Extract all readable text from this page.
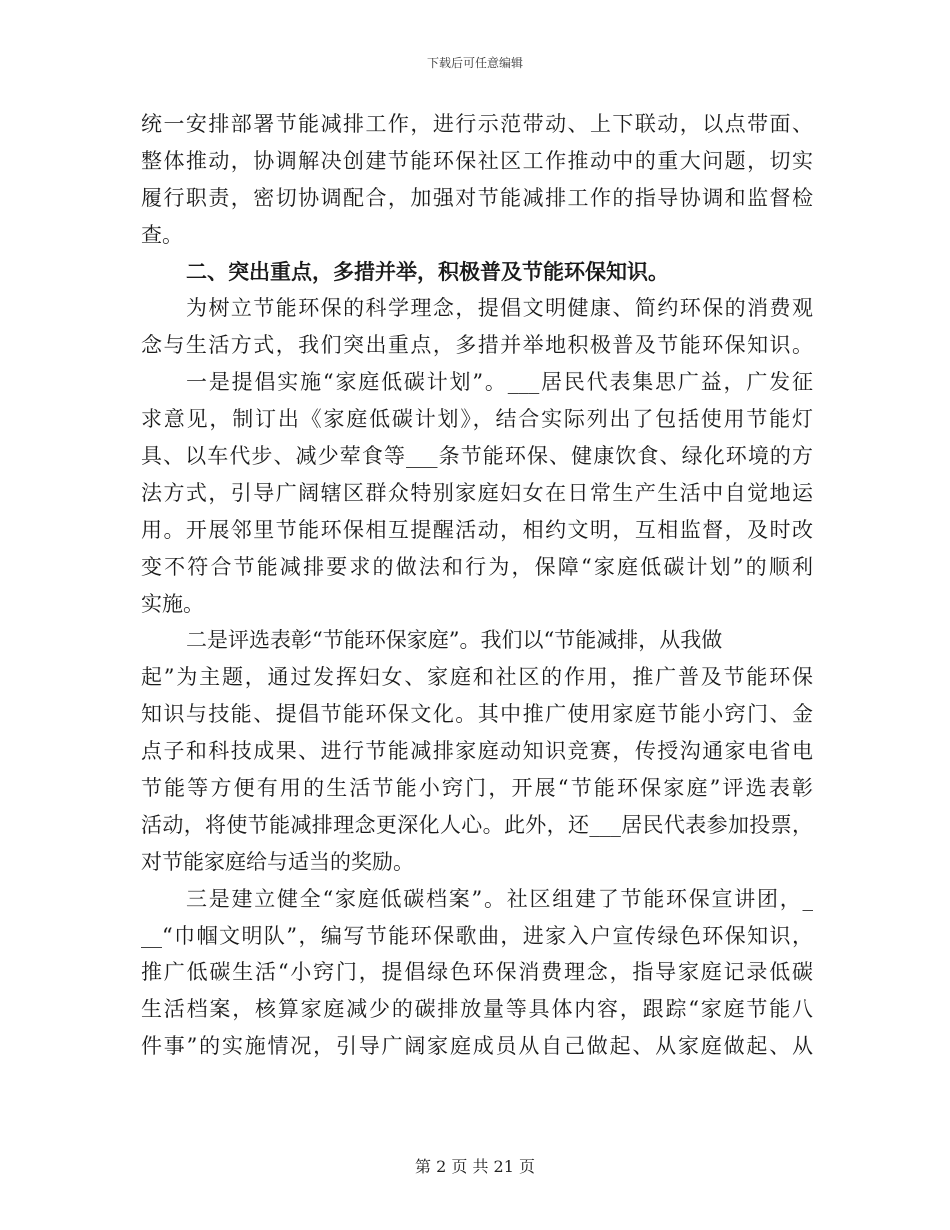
下载后可任意编辑
统一安排部署节能减排工作，进行示范带动、上下联动，以点带面、
整体推动，协调解决创建节能环保社区工作推动中的重大问题，切实
履行职责，密切协调配合，加强对节能减排工作的指导协调和监督检
查。
二、突出重点，多措并举，积极普及节能环保知识。
为树立节能环保的科学理念，提倡文明健康、简约环保的消费观
念与生活方式，我们突出重点，多措并举地积极普及节能环保知识。
一是提倡实施“家庭低碳计划”。___居民代表集思广益，广发征
求意见，制订出《家庭低碳计划》，结合实际列出了包括使用节能灯
具、以车代步、减少荤食等___条节能环保、健康饮食、绿化环境的方
法方式，引导广阔辖区群众特别家庭妇女在日常生产生活中自觉地运
用。开展邻里节能环保相互提醒活动，相约文明，互相监督，及时改
变不符合节能减排要求的做法和行为，保障“家庭低碳计划”的顺利
实施。
二是评选表彰“节能环保家庭”。我们以“节能减排，从我做
起”为主题，通过发挥妇女、家庭和社区的作用，推广普及节能环保
知识与技能、提倡节能环保文化。其中推广使用家庭节能小窍门、金
点子和科技成果、进行节能减排家庭动知识竞赛，传授沟通家电省电
节能等方便有用的生活节能小窍门，开展“节能环保家庭”评选表彰
活动，将使节能减排理念更深化人心。此外，还___居民代表参加投票，
对节能家庭给与适当的奖励。
三是建立健全“家庭低碳档案”。社区组建了节能环保宣讲团，_
__“巾帼文明队”，编写节能环保歌曲，进家入户宣传绿色环保知识，
推广低碳生活“小窍门，提倡绿色环保消费理念，指导家庭记录低碳
生活档案，核算家庭减少的碳排放量等具体内容，跟踪“家庭节能八
件事”的实施情况，引导广阔家庭成员从自己做起、从家庭做起、从
第 2 页 共 21 页
